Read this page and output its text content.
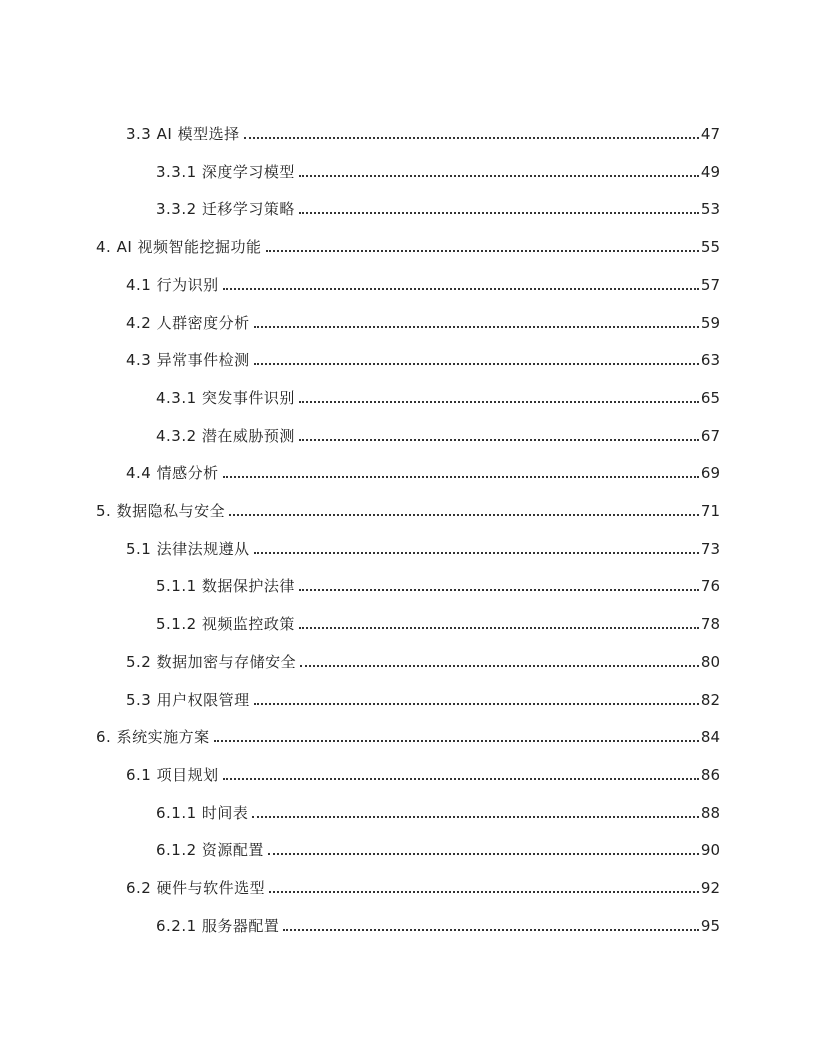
3.3 AI 模型选择	47
3.3.1 深度学习模型	49
3.3.2 迁移学习策略	53
4. AI 视频智能挖掘功能	55
4.1 行为识别	57
4.2 人群密度分析	59
4.3 异常事件检测	63
4.3.1 突发事件识别	65
4.3.2 潜在威胁预测	67
4.4 情感分析	69
5. 数据隐私与安全	71
5.1 法律法规遵从	73
5.1.1 数据保护法律	76
5.1.2 视频监控政策	78
5.2 数据加密与存储安全	80
5.3 用户权限管理	82
6. 系统实施方案	84
6.1 项目规划	86
6.1.1 时间表	88
6.1.2 资源配置	90
6.2 硬件与软件选型	92
6.2.1 服务器配置	95
